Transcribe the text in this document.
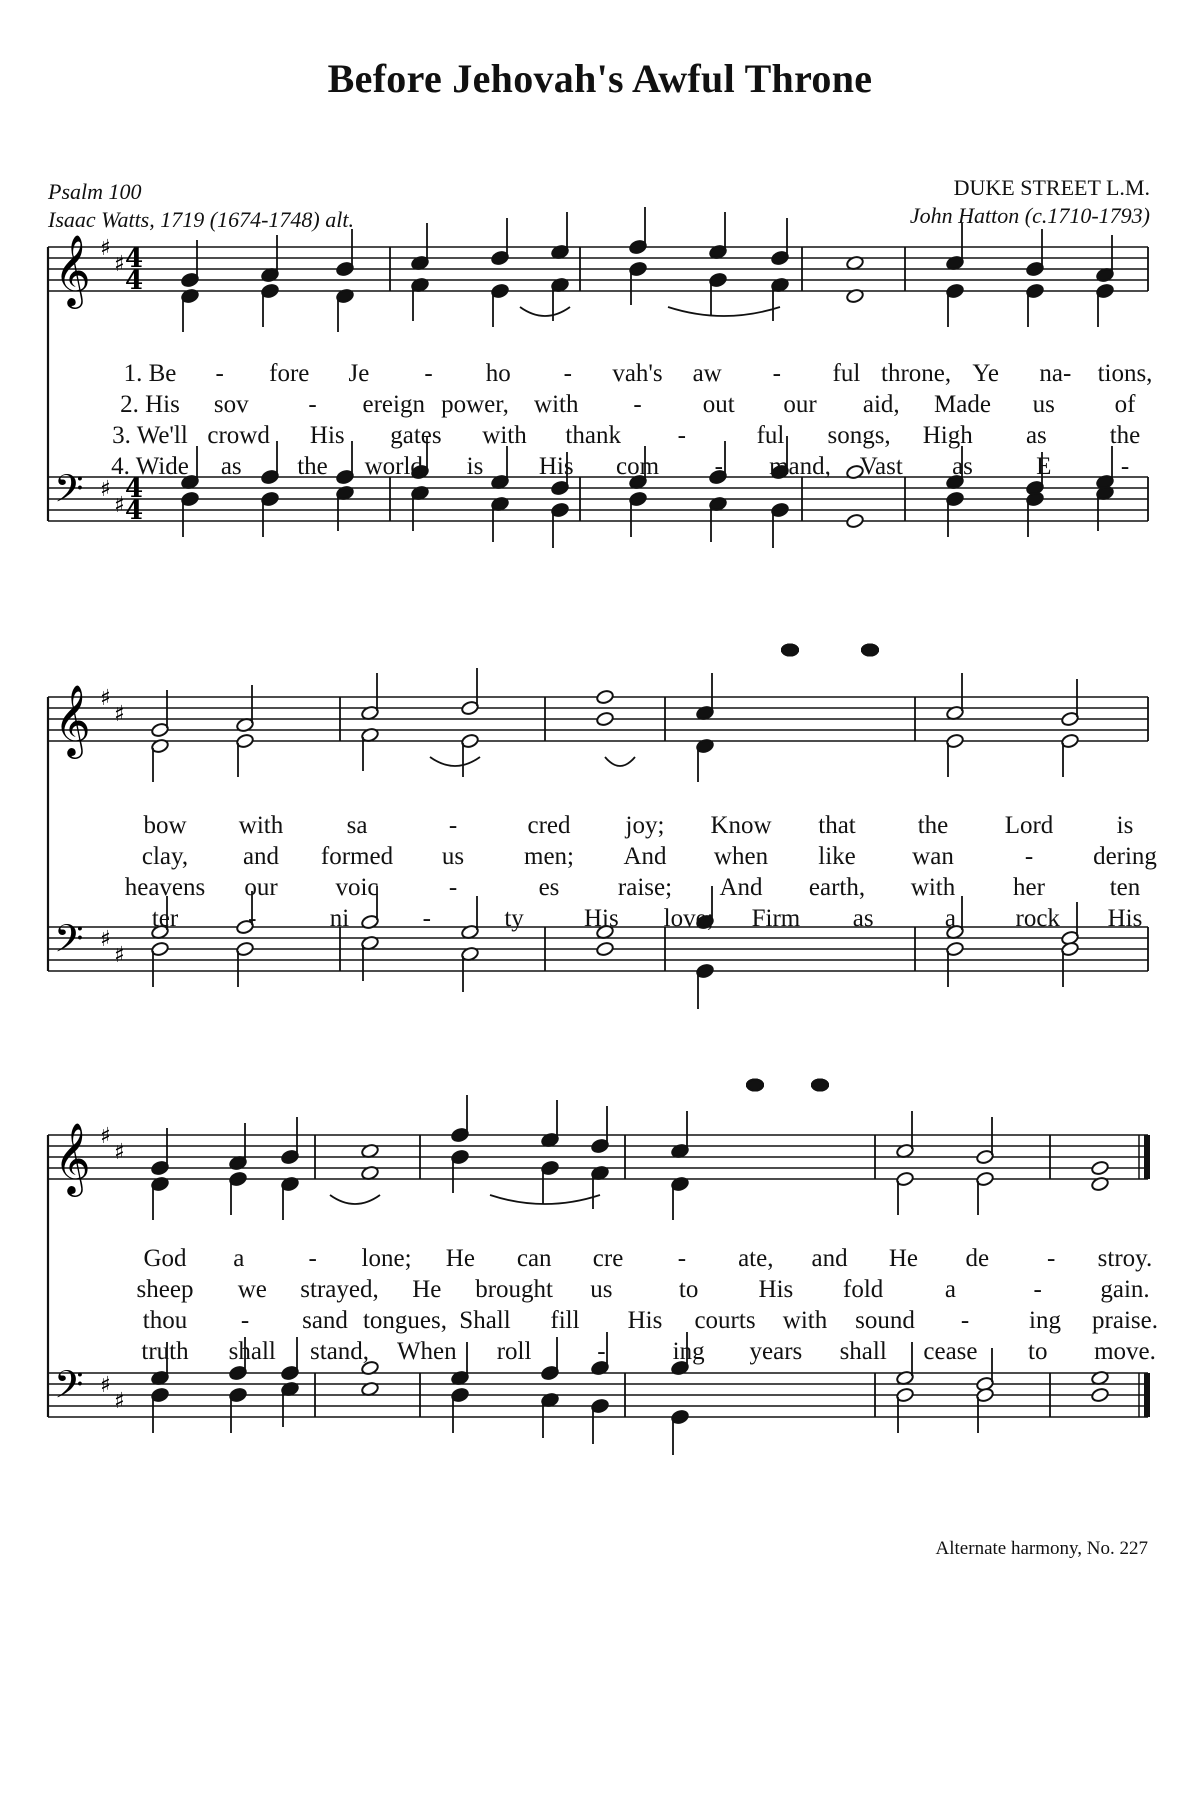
Before Jehovah's Awful Throne
Psalm 100
Isaac Watts, 1719 (1674-1748) alt.
DUKE STREET L.M.
John Hatton (c.1710-1793)
𝄞 ♯
♯ 4
4
𝄢 ♯
♯
4
4
1. Be - fore Je - ho - vah's aw - ful throne, Ye na- tions,
2. His sov - ereign power, with - out our aid, Made us of
3. We'll crowd His gates with thank -	ful songs, High as	the
4. Wide as the world is His com - mand, Vast as	E	-
𝄞 ♯
♯
𝄢 ♯
♯
bow with	sa	-	cred joy; Know that the Lord	is
clay, and formed us men; And when like wan	- dering
heavens our voic	-	es raise; And earth, with her	ten
ter	-	ni	-	ty His love; Firm as	a rock His
𝄞 ♯
♯
𝄢 ♯
♯
God a	- lone; He can cre - ate, and He de - stroy.
sheep we strayed, He brought us	to His fold a	- gain.
thou - sand tongues, Shall fill His courts with sound - ing praise.
truth shall stand, When roll	-	ing years shall cease to move.
Alternate harmony, No. 227
